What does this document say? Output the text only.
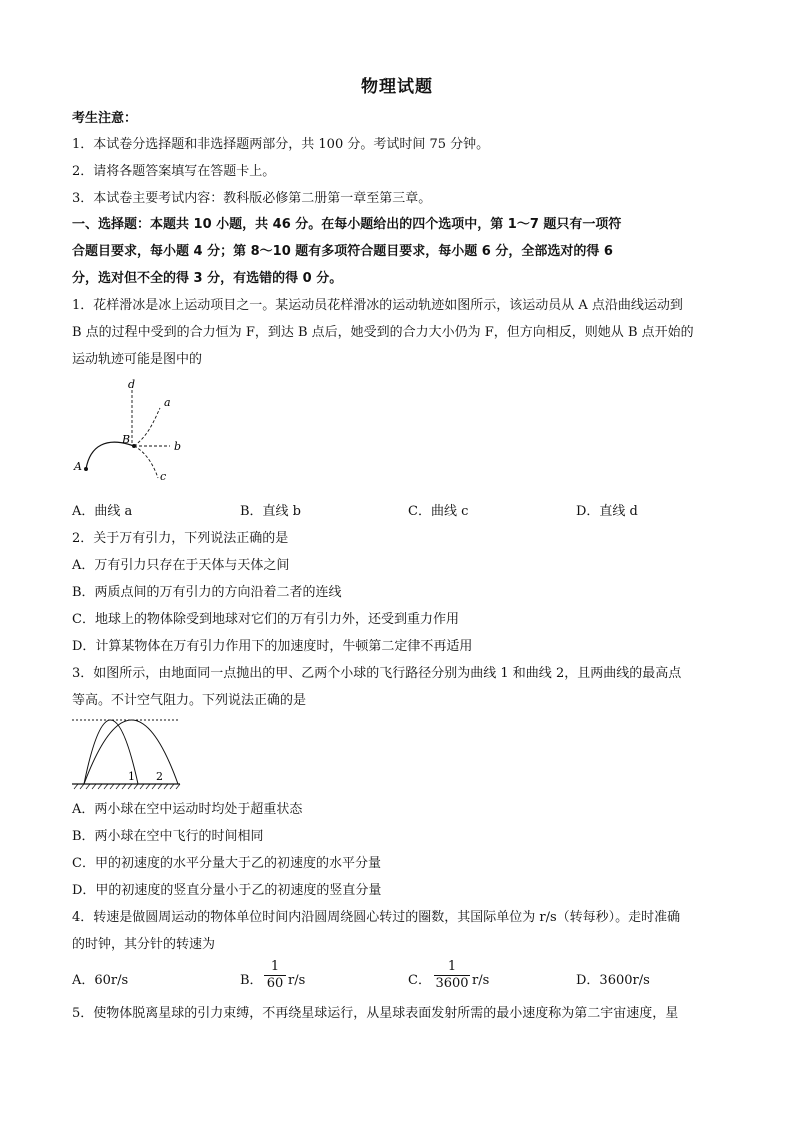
物理试题
考生注意：
1．本试卷分选择题和非选择题两部分，共 100 分。考试时间 75 分钟。
2．请将各题答案填写在答题卡上。
3．本试卷主要考试内容：教科版必修第二册第一章至第三章。
一、选择题：本题共 10 小题，共 46 分。在每小题给出的四个选项中，第 1～7 题只有一项符
合题目要求，每小题 4 分；第 8～10 题有多项符合题目要求，每小题 6 分，全部选对的得 6
分，选对但不全的得 3 分，有选错的得 0 分。
1．花样滑冰是冰上运动项目之一。某运动员花样滑冰的运动轨迹如图所示，该运动员从 A 点沿曲线运动到
B 点的过程中受到的合力恒为 F，到达 B 点后，她受到的合力大小仍为 F，但方向相反，则她从 B 点开始的
运动轨迹可能是图中的
d
a
B
b
A
c
A．曲线 a	B．直线 b	C．曲线 c	D．直线 d
2．关于万有引力，下列说法正确的是
A．万有引力只存在于天体与天体之间
B．两质点间的万有引力的方向沿着二者的连线
C．地球上的物体除受到地球对它们的万有引力外，还受到重力作用
D．计算某物体在万有引力作用下的加速度时，牛顿第二定律不再适用
3．如图所示，由地面同一点抛出的甲、乙两个小球的飞行路径分别为曲线 1 和曲线 2，且两曲线的最高点
等高。不计空气阻力。下列说法正确的是
1 2
A．两小球在空中运动时均处于超重状态
B．两小球在空中飞行的时间相同
C．甲的初速度的水平分量大于乙的初速度的水平分量
D．甲的初速度的竖直分量小于乙的初速度的竖直分量
4．转速是做圆周运动的物体单位时间内沿圆周绕圆心转过的圈数，其国际单位为 r/s（转每秒）。走时准确
的时钟，其分针的转速为
A．60r/s	B．
1
60 r/s	C．
1
3600 r/s	D．3600r/s
5．使物体脱离星球的引力束缚，不再绕星球运行，从星球表面发射所需的最小速度称为第二宇宙速度，星
